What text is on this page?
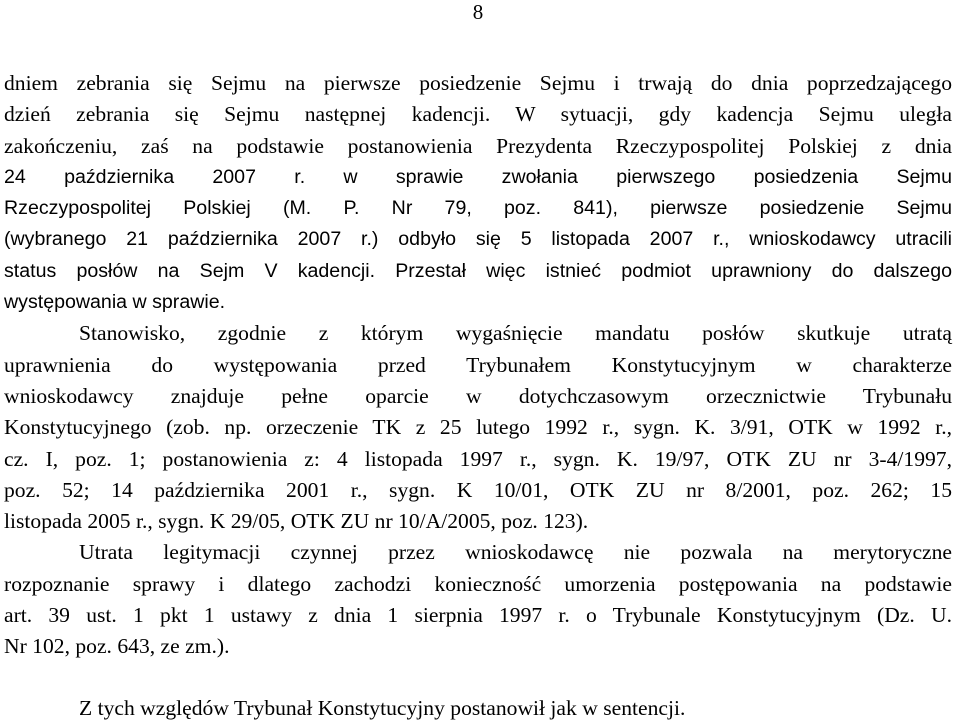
8
dniem zebrania się Sejmu na pierwsze posiedzenie Sejmu i trwają do dnia poprzedzającego
dzień zebrania się Sejmu następnej kadencji. W sytuacji, gdy kadencja Sejmu uległa
zakończeniu, zaś na podstawie postanowienia Prezydenta Rzeczypospolitej Polskiej z dnia
24 października 2007 r. w sprawie zwołania pierwszego posiedzenia Sejmu
Rzeczypospolitej Polskiej (M. P. Nr 79, poz. 841), pierwsze posiedzenie Sejmu
(wybranego 21 października 2007 r.) odbyło się 5 listopada 2007 r., wnioskodawcy utracili
status posłów na Sejm V kadencji. Przestał więc istnieć podmiot uprawniony do dalszego
występowania w sprawie.
Stanowisko, zgodnie z którym wygaśnięcie mandatu posłów skutkuje utratą
uprawnienia do występowania przed Trybunałem Konstytucyjnym w charakterze
wnioskodawcy znajduje pełne oparcie w dotychczasowym orzecznictwie Trybunału
Konstytucyjnego (zob. np. orzeczenie TK z 25 lutego 1992 r., sygn. K. 3/91, OTK w 1992 r.,
cz. I, poz. 1; postanowienia z: 4 listopada 1997 r., sygn. K. 19/97, OTK ZU nr 3-4/1997,
poz. 52; 14 października 2001 r., sygn. K 10/01, OTK ZU nr 8/2001, poz. 262; 15
listopada 2005 r., sygn. K 29/05, OTK ZU nr 10/A/2005, poz. 123).
Utrata legitymacji czynnej przez wnioskodawcę nie pozwala na merytoryczne
rozpoznanie sprawy i dlatego zachodzi konieczność umorzenia postępowania na podstawie
art. 39 ust. 1 pkt 1 ustawy z dnia 1 sierpnia 1997 r. o Trybunale Konstytucyjnym (Dz. U.
Nr 102, poz. 643, ze zm.).
Z tych względów Trybunał Konstytucyjny postanowił jak w sentencji.
